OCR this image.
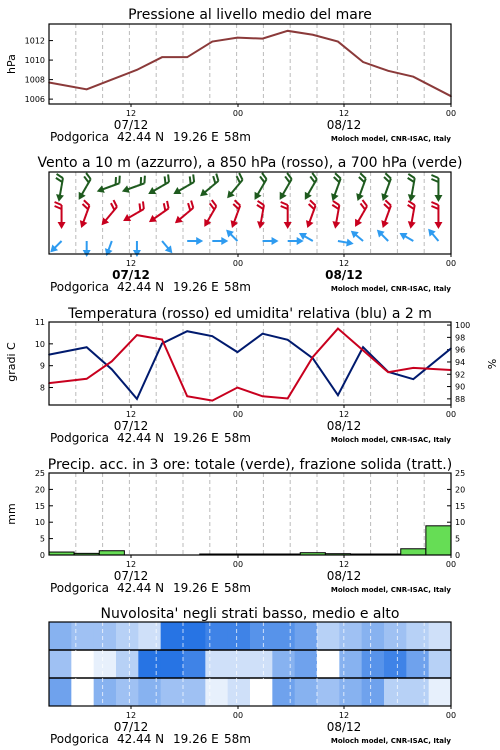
Pressione al livello medio del mare
1006
1008
1010
1012
hPa
12	00	12	00
07/12	08/12
Podgorica 42.44 N 19.26 E 58m	Moloch model, CNR-ISAC, Italy
Vento a 10 m (azzurro), a 850 hPa (rosso), a 700 hPa (verde)
12	00	12	00
07/12	08/12
Podgorica 42.44 N 19.26 E 58m	Moloch model, CNR-ISAC, Italy
Temperatura (rosso) ed umidita' relativa (blu) a 2 m
8
9
10
11
88
90
92
94
96
98
100
gradi C	%
12	00	12	00
07/12	08/12
Podgorica 42.44 N 19.26 E 58m	Moloch model, CNR-ISAC, Italy
Precip. acc. in 3 ore: totale (verde), frazione solida (tratt.)
0	0
5	5
10	10
15	15
20	20
25	25
mm
12	00	12	00
07/12	08/12
Podgorica 42.44 N 19.26 E 58m	Moloch model, CNR-ISAC, Italy
Nuvolosita' negli strati basso, medio e alto
12	00	12	00
07/12	08/12
Podgorica 42.44 N 19.26 E 58m	Moloch model, CNR-ISAC, Italy
